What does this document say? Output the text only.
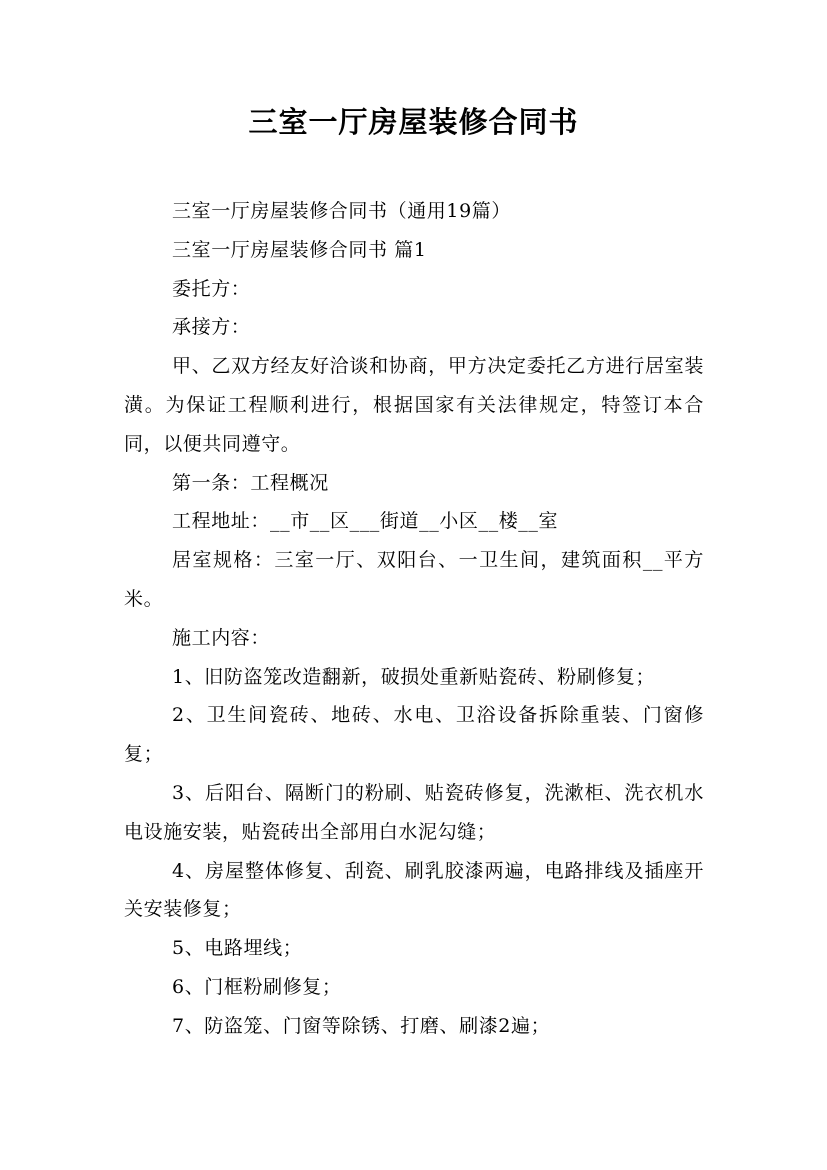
三室一厅房屋装修合同书

三室一厅房屋装修合同书（通用19篇）

三室一厅房屋装修合同书 篇1

委托方：

承接方：

甲、乙双方经友好洽谈和协商，甲方决定委托乙方进行居室装潢。为保证工程顺利进行，根据国家有关法律规定，特签订本合同，以便共同遵守。

第一条：工程概况

工程地址：__市__区___街道__小区__楼__室

居室规格：三室一厅、双阳台、一卫生间，建筑面积__平方米。

施工内容：

1、旧防盗笼改造翻新，破损处重新贴瓷砖、粉刷修复；

2、卫生间瓷砖、地砖、水电、卫浴设备拆除重装、门窗修复；

3、后阳台、隔断门的粉刷、贴瓷砖修复，洗漱柜、洗衣机水电设施安装，贴瓷砖出全部用白水泥勾缝；

4、房屋整体修复、刮瓷、刷乳胶漆两遍，电路排线及插座开关安装修复；

5、电路埋线；

6、门框粉刷修复；

7、防盗笼、门窗等除锈、打磨、刷漆2遍；
